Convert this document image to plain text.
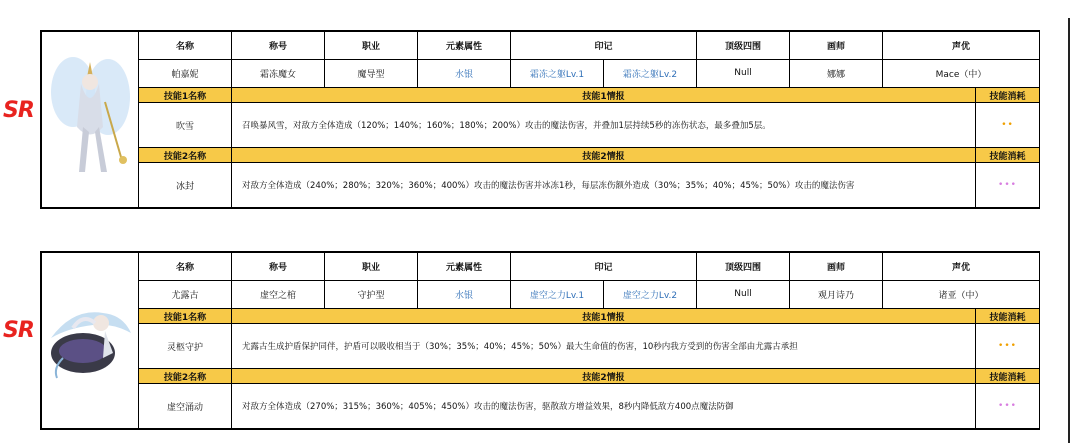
	名称	称号	职业	元素属性	印记		顶级四围	画师	声优	
	帕嘉妮	霜冻魔女	魔导型	水银	霜冻之躯Lv.1	霜冻之躯Lv.2	Null	娜娜	Mace（中）	
	技能1名称	技能1情报								技能消耗
	吹雪	召唤暴风雪，对敌方全体造成（120%；140%；160%；180%；200%）攻击的魔法伤害，并叠加1层持续5秒的冻伤状态，最多叠加5层。								••
	技能2名称	技能2情报								技能消耗
	冰封	对敌方全体造成（240%；280%；320%；360%；400%）攻击的魔法伤害并冰冻1秒，每层冻伤额外造成（30%；35%；40%；45%；50%）攻击的魔法伤害								•••
SR
	名称	称号	职业	元素属性	印记		顶级四围	画师	声优	
	尤露古	虚空之棺	守护型	水银	虚空之力Lv.1	虚空之力Lv.2	Null	观月诗乃	诸亚（中）	
	技能1名称	技能1情报								技能消耗
	灵柩守护	尤露古生成护盾保护同伴，护盾可以吸收相当于（30%；35%；40%；45%；50%）最大生命值的伤害，10秒内我方受到的伤害全部由尤露古承担								•••
	技能2名称	技能2情报								技能消耗
	虚空涌动	对敌方全体造成（270%；315%；360%；405%；450%）攻击的魔法伤害，驱散敌方增益效果，8秒内降低敌方400点魔法防御								•••
SR
